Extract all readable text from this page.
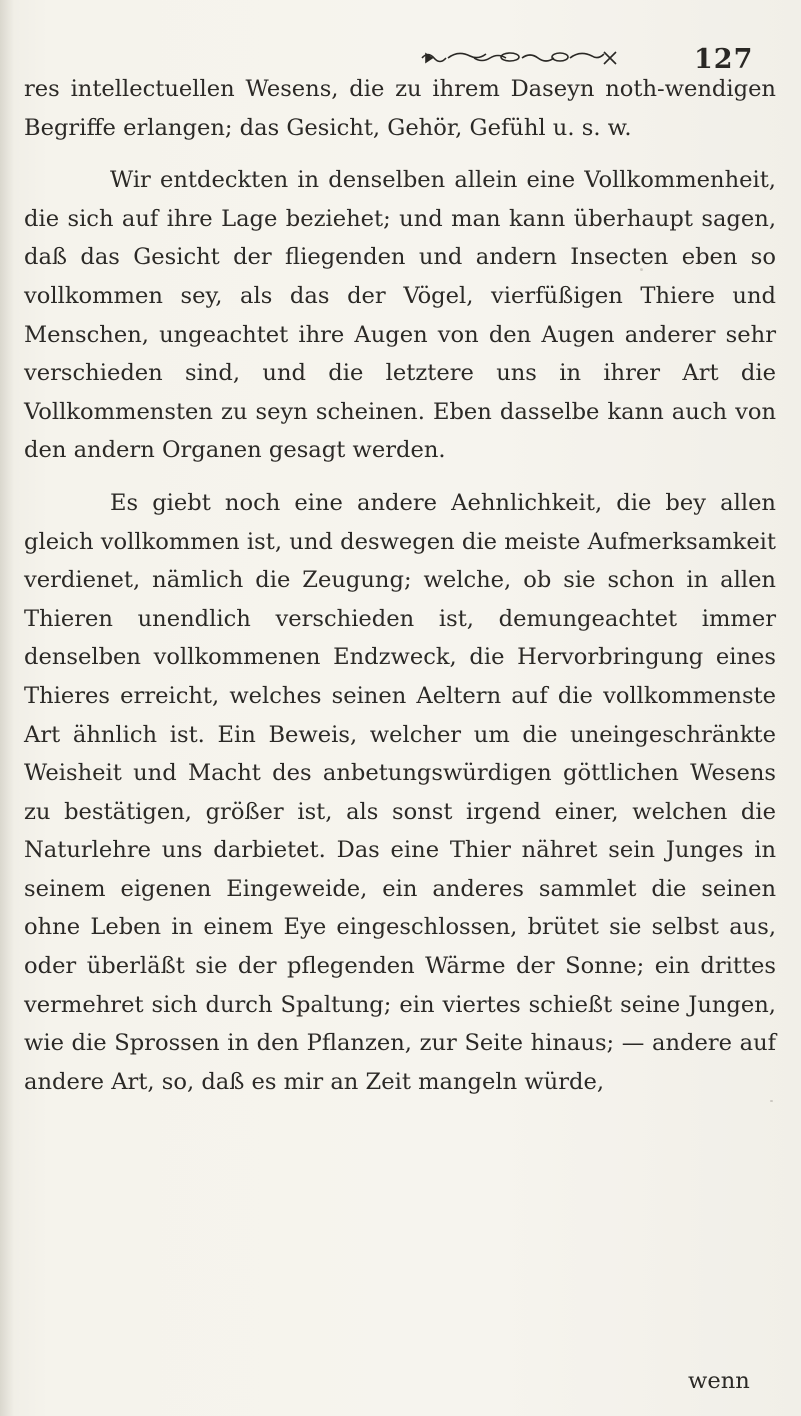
127

res intellectuellen Wesens, die zu ihrem Daseyn noth-wendigen Begriffe erlangen; das Gesicht, Gehör, Gefühl u. s. w.

Wir entdeckten in denselben allein eine Vollkommenheit, die sich auf ihre Lage beziehet; und man kann überhaupt sagen, daß das Gesicht der fliegenden und andern Insecten eben so vollkommen sey, als das der Vögel, vierfüßigen Thiere und Menschen, ungeachtet ihre Augen von den Augen anderer sehr verschieden sind, und die letztere uns in ihrer Art die Vollkommensten zu seyn scheinen. Eben dasselbe kann auch von den andern Organen gesagt werden.

Es giebt noch eine andere Aehnlichkeit, die bey allen gleich vollkommen ist, und deswegen die meiste Aufmerksamkeit verdienet, nämlich die Zeugung; welche, ob sie schon in allen Thieren unendlich verschieden ist, demungeachtet immer denselben vollkommenen Endzweck, die Hervorbringung eines Thieres erreicht, welches seinen Aeltern auf die vollkommenste Art ähnlich ist. Ein Beweis, welcher um die uneingeschränkte Weisheit und Macht des anbetungswürdigen göttlichen Wesens zu bestätigen, größer ist, als sonst irgend einer, welchen die Naturlehre uns darbietet. Das eine Thier nähret sein Junges in seinem eigenen Eingeweide, ein anderes sammlet die seinen ohne Leben in einem Eye eingeschlossen, brütet sie selbst aus, oder überläßt sie der pflegenden Wärme der Sonne; ein drittes vermehret sich durch Spaltung; ein viertes schießt seine Jungen, wie die Sprossen in den Pflanzen, zur Seite hinaus; — andere auf andere Art, so, daß es mir an Zeit mangeln würde,

wenn
